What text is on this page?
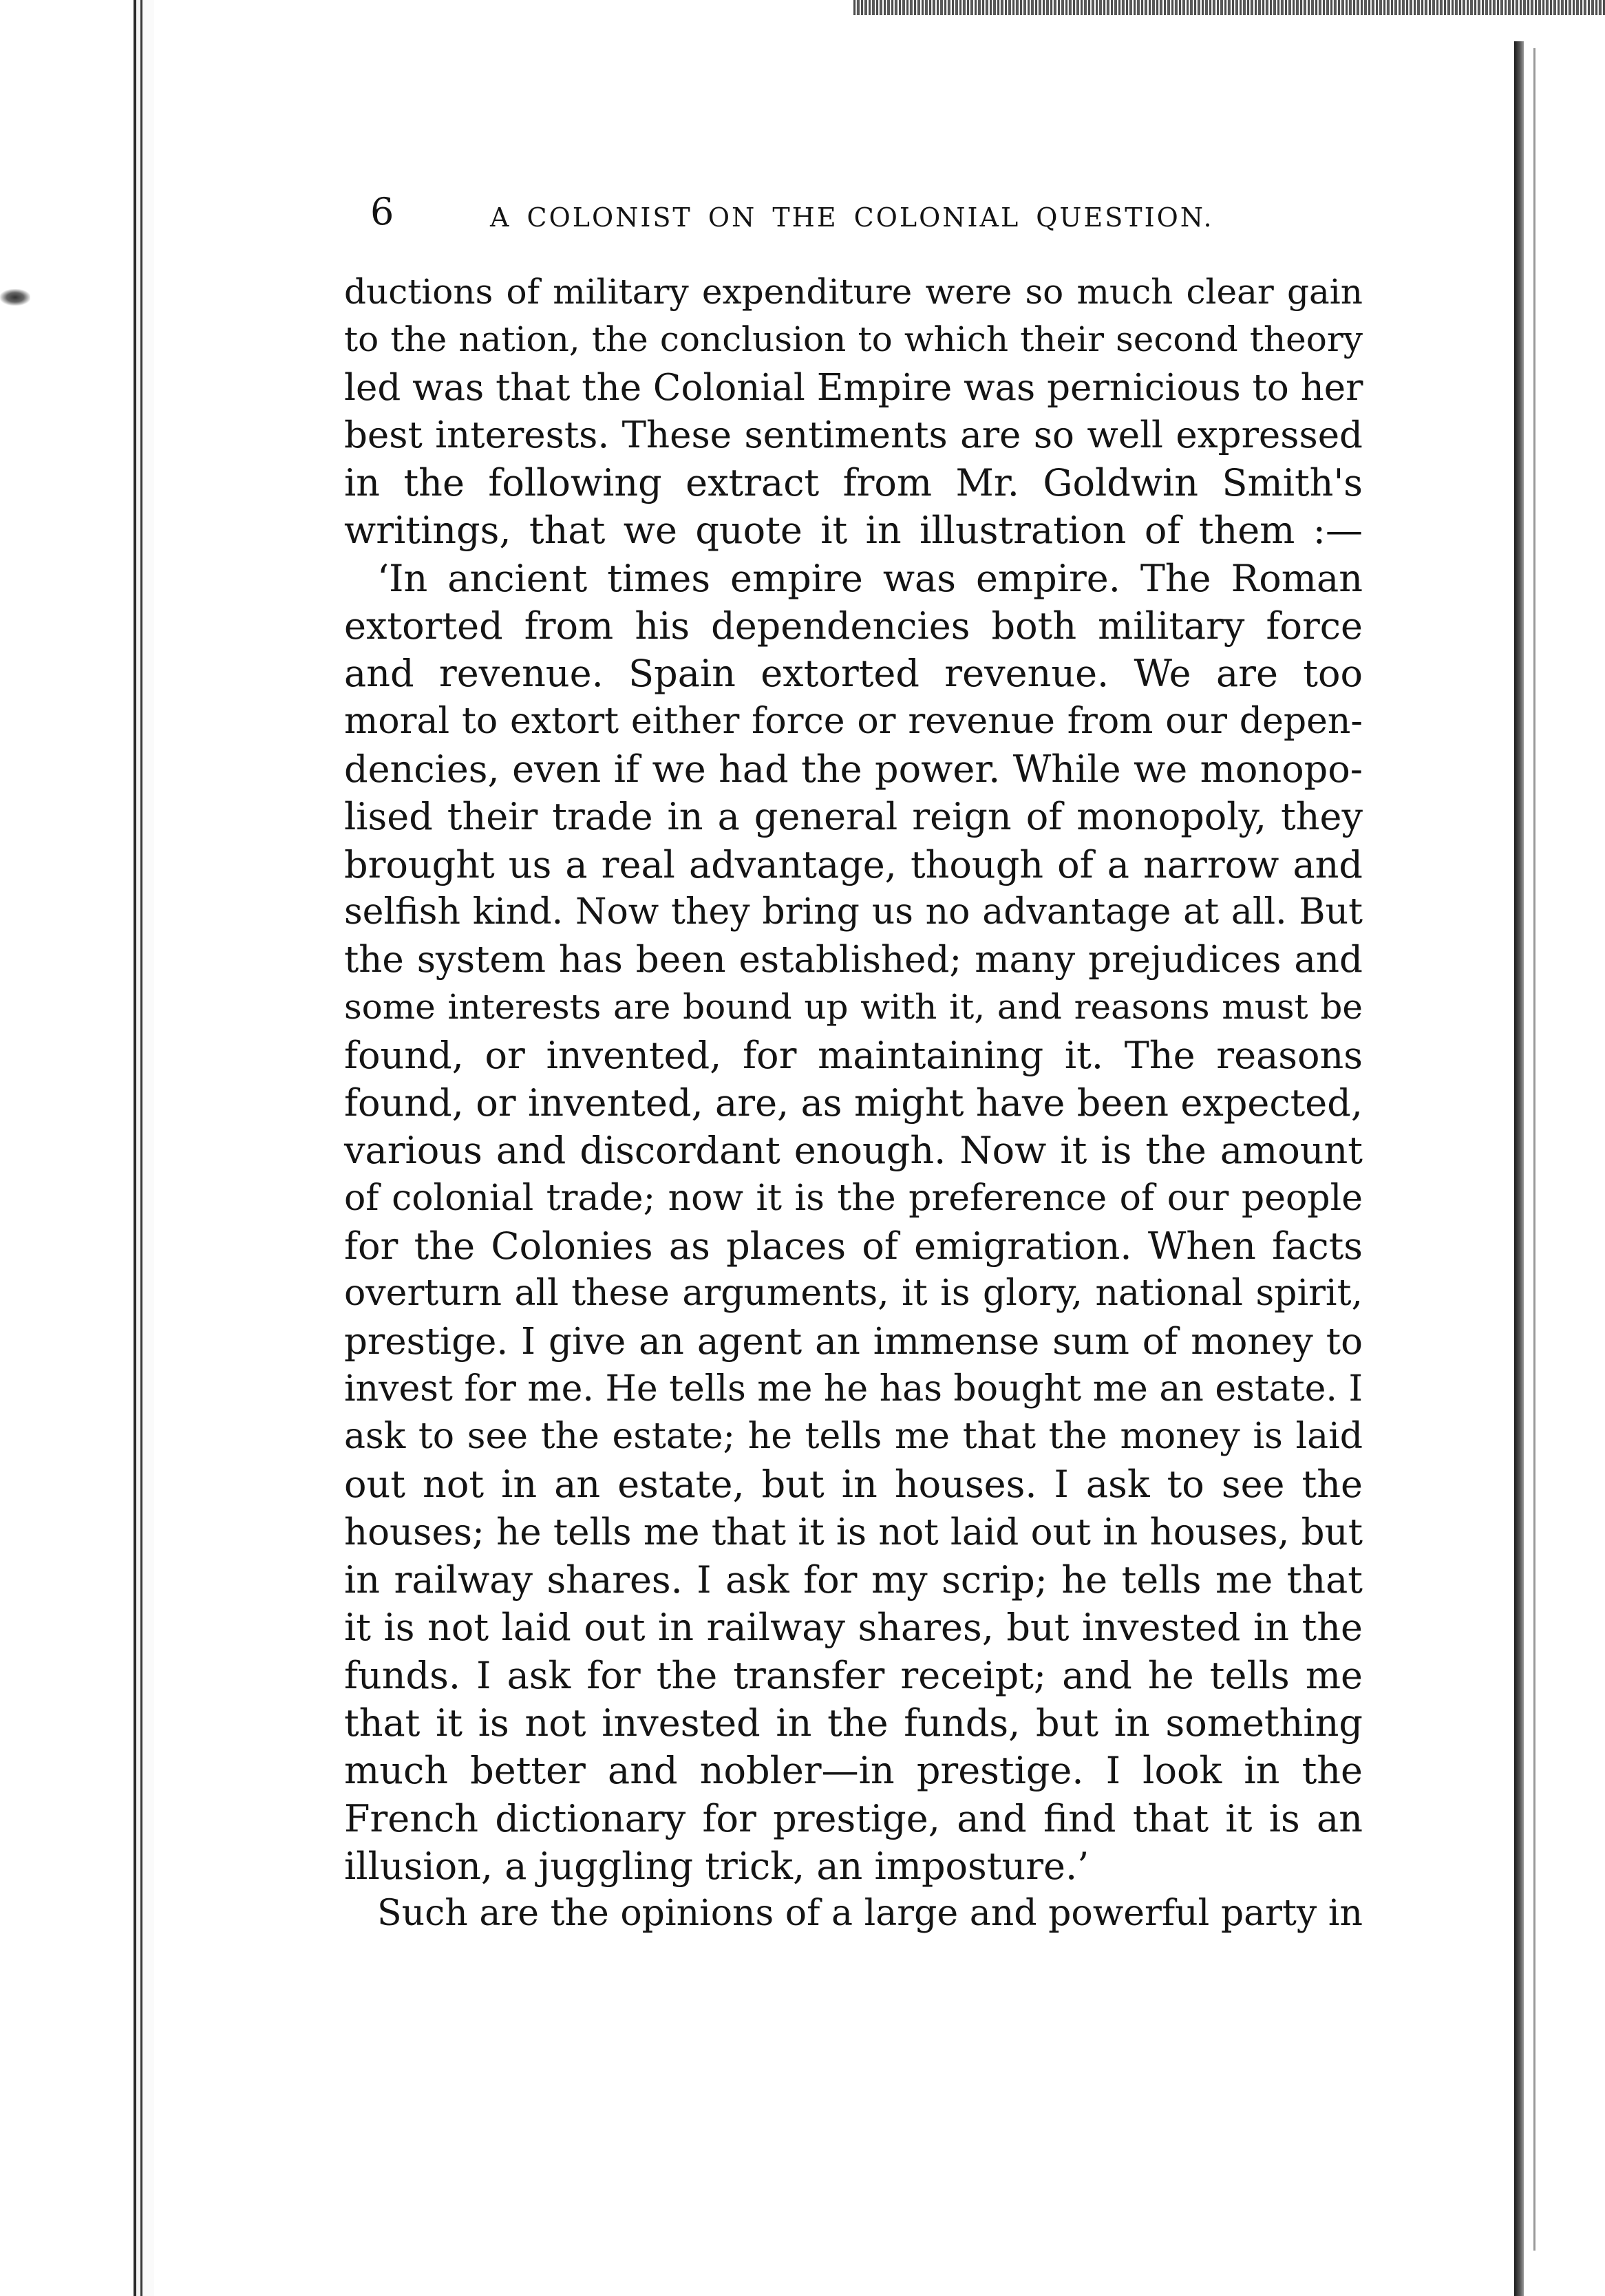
6	A COLONIST ON THE COLONIAL QUESTION.
ductions of military expenditure were so much clear gain
to the nation, the conclusion to which their second theory
led was that the Colonial Empire was pernicious to her
best interests. These sentiments are so well expressed
in the following extract from Mr. Goldwin Smith's
writings, that we quote it in illustration of them :—
‘In ancient times empire was empire. The Roman
extorted from his dependencies both military force
and revenue. Spain extorted revenue. We are too
moral to extort either force or revenue from our depen-
dencies, even if we had the power. While we monopo-
lised their trade in a general reign of monopoly, they
brought us a real advantage, though of a narrow and
selfish kind. Now they bring us no advantage at all. But
the system has been established; many prejudices and
some interests are bound up with it, and reasons must be
found, or invented, for maintaining it. The reasons
found, or invented, are, as might have been expected,
various and discordant enough. Now it is the amount
of colonial trade; now it is the preference of our people
for the Colonies as places of emigration. When facts
overturn all these arguments, it is glory, national spirit,
prestige. I give an agent an immense sum of money to
invest for me. He tells me he has bought me an estate. I
ask to see the estate; he tells me that the money is laid
out not in an estate, but in houses. I ask to see the
houses; he tells me that it is not laid out in houses, but
in railway shares. I ask for my scrip; he tells me that
it is not laid out in railway shares, but invested in the
funds. I ask for the transfer receipt; and he tells me
that it is not invested in the funds, but in something
much better and nobler—in prestige. I look in the
French dictionary for prestige, and find that it is an
illusion, a juggling trick, an imposture.’
Such are the opinions of a large and powerful party in
